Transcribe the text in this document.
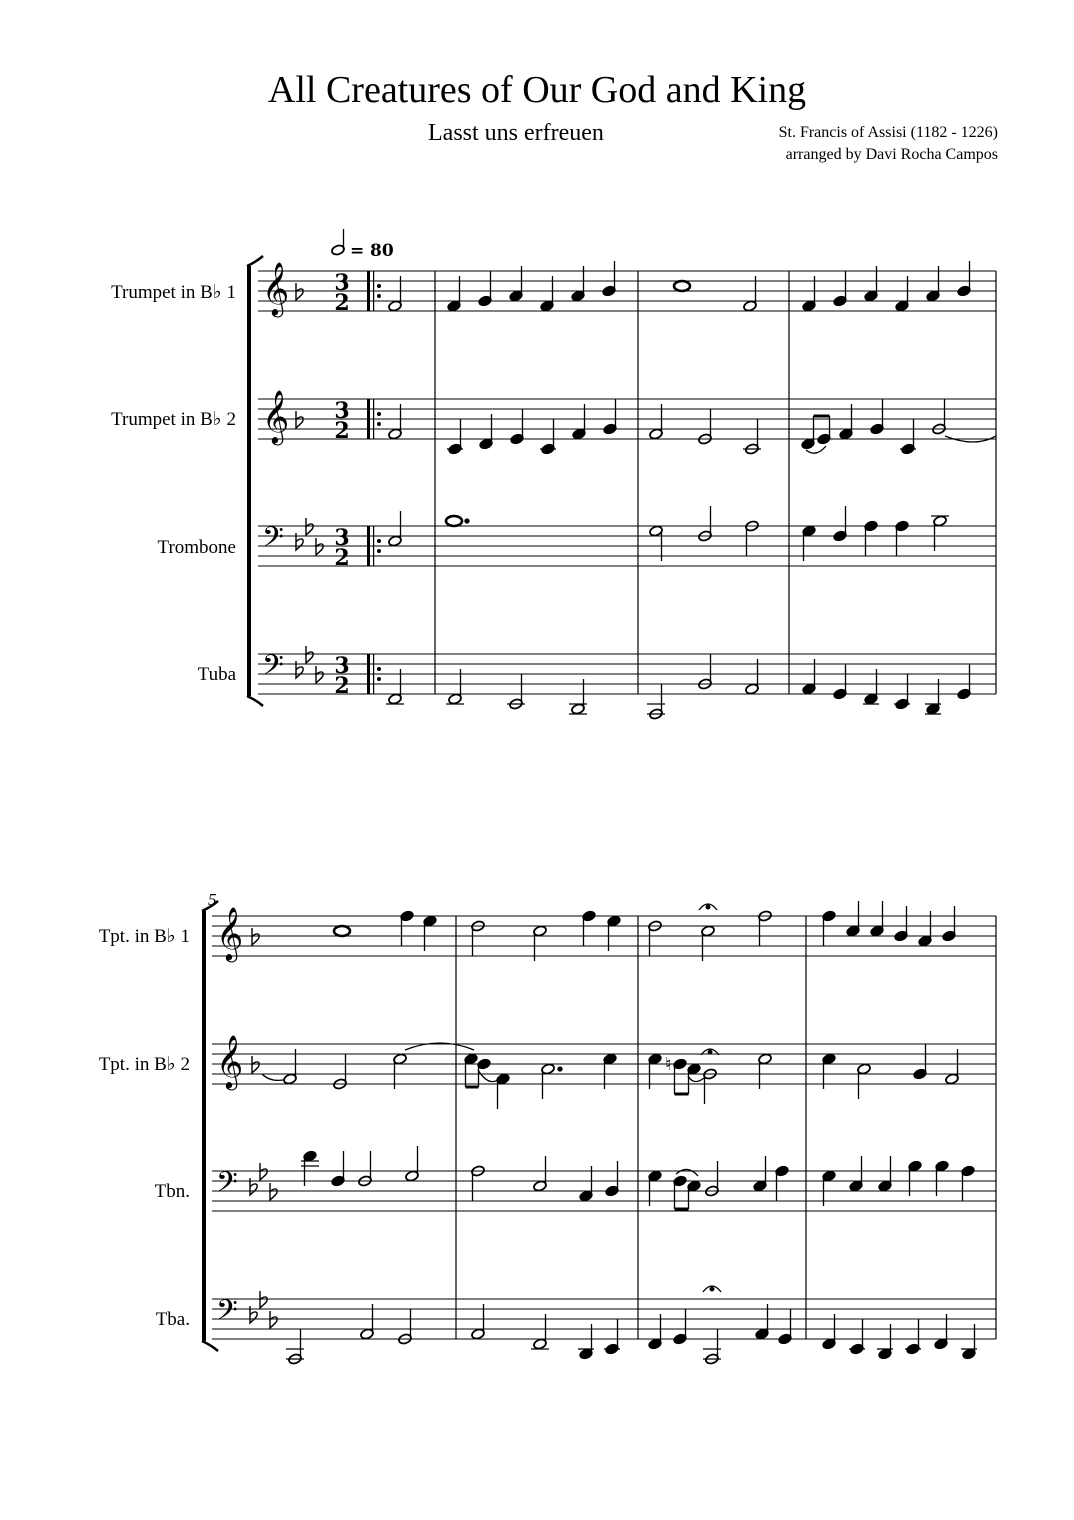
All Creatures of Our God and King
Lasst uns erfreuen	St. Francis of Assisi (1182 - 1226)
arranged by Davi Rocha Campos
Trumpet in B♭ 1
Trumpet in B♭ 2
Trombone
Tuba
𝄞
𝄞
𝄢
𝄢
3
2
3
2
3
2
3
2
= 80
5
Tpt. in B♭ 1
Tpt. in B♭ 2
Tbn.
Tba.
𝄞
𝄞
𝄢
𝄢
♮
